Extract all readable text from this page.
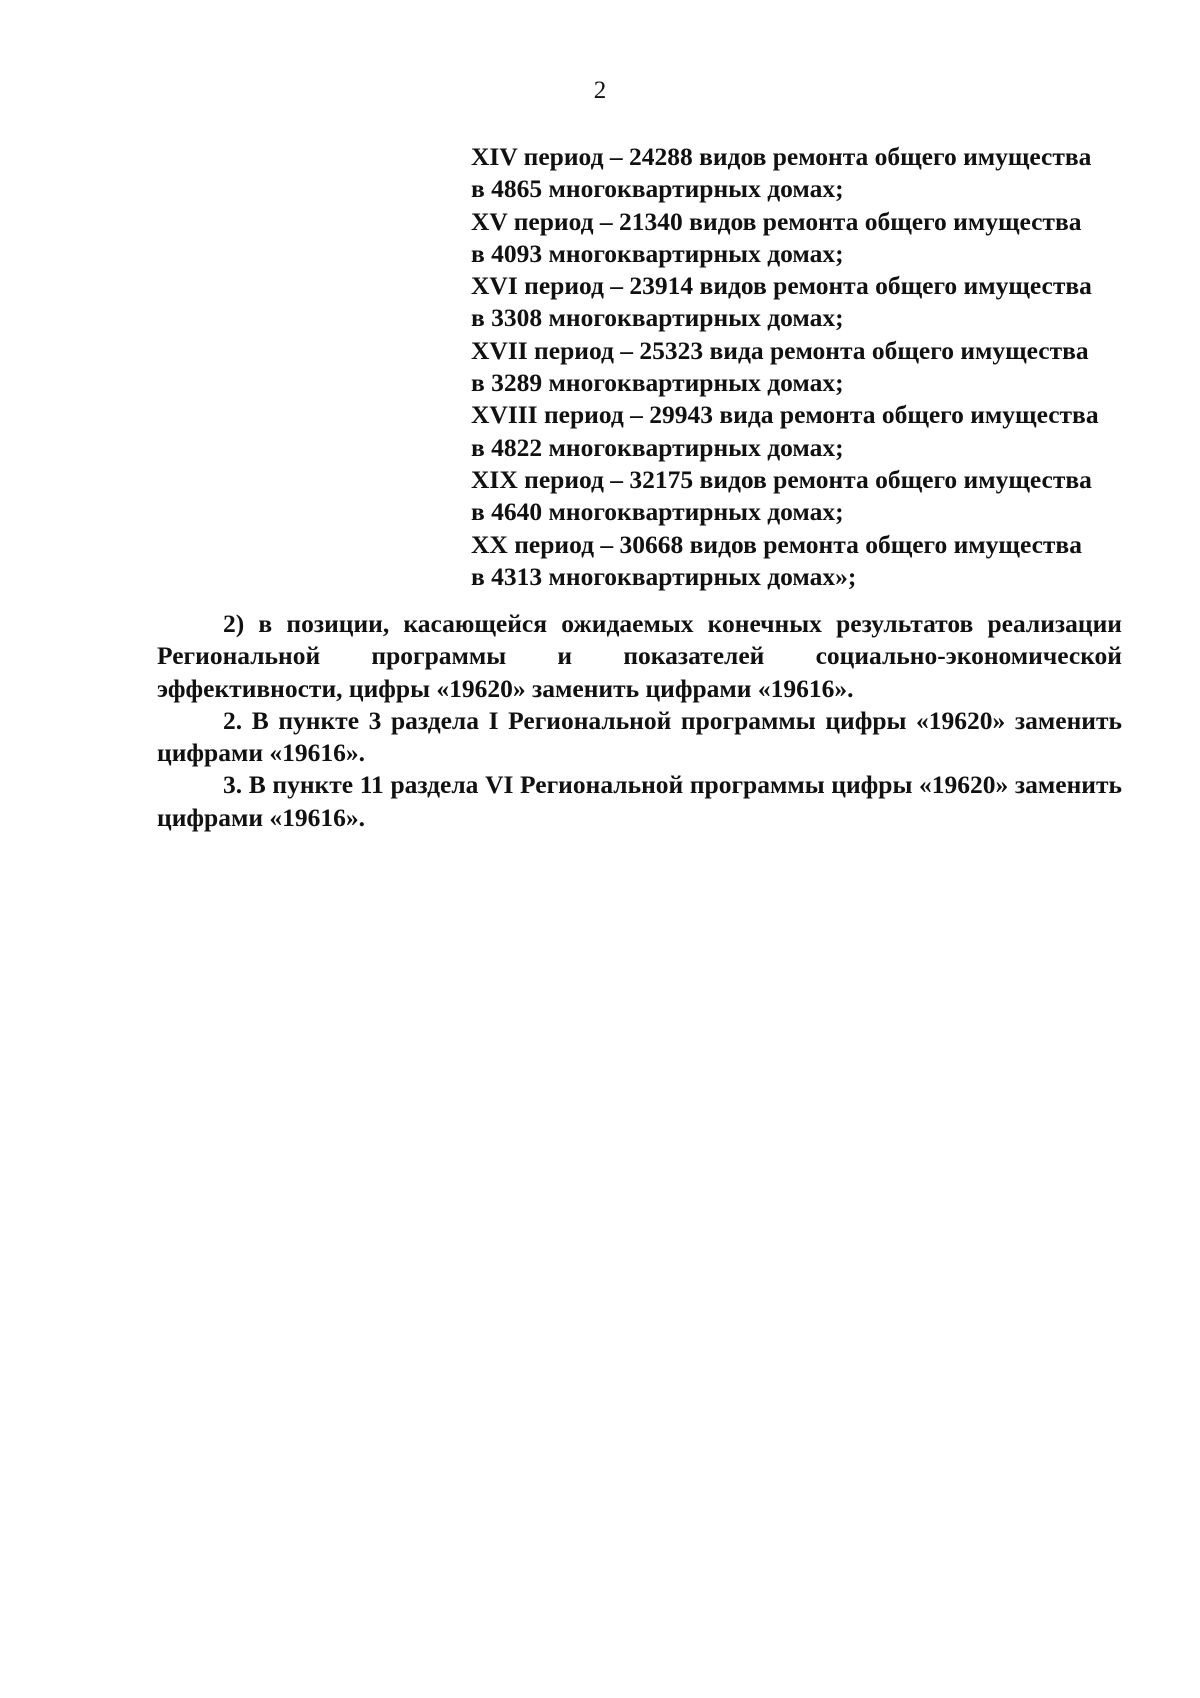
2
XIV период – 24288 видов ремонта общего имущества
в 4865 многоквартирных домах;
XV период – 21340 видов ремонта общего имущества
в 4093 многоквартирных домах;
XVI период – 23914 видов ремонта общего имущества
в 3308 многоквартирных домах;
XVII период – 25323 вида ремонта общего имущества
в 3289 многоквартирных домах;
XVIII период – 29943 вида ремонта общего имущества
в 4822 многоквартирных домах;
XIX период – 32175 видов ремонта общего имущества
в 4640 многоквартирных домах;
XX период – 30668 видов ремонта общего имущества
в 4313 многоквартирных домах»;

2) в позиции, касающейся ожидаемых конечных результатов реализации Региональной программы и показателей социально-экономической эффективности, цифры «19620» заменить цифрами «19616».

2. В пункте 3 раздела I Региональной программы цифры «19620» заменить цифрами «19616».

3. В пункте 11 раздела VI Региональной программы цифры «19620» заменить цифрами «19616».
